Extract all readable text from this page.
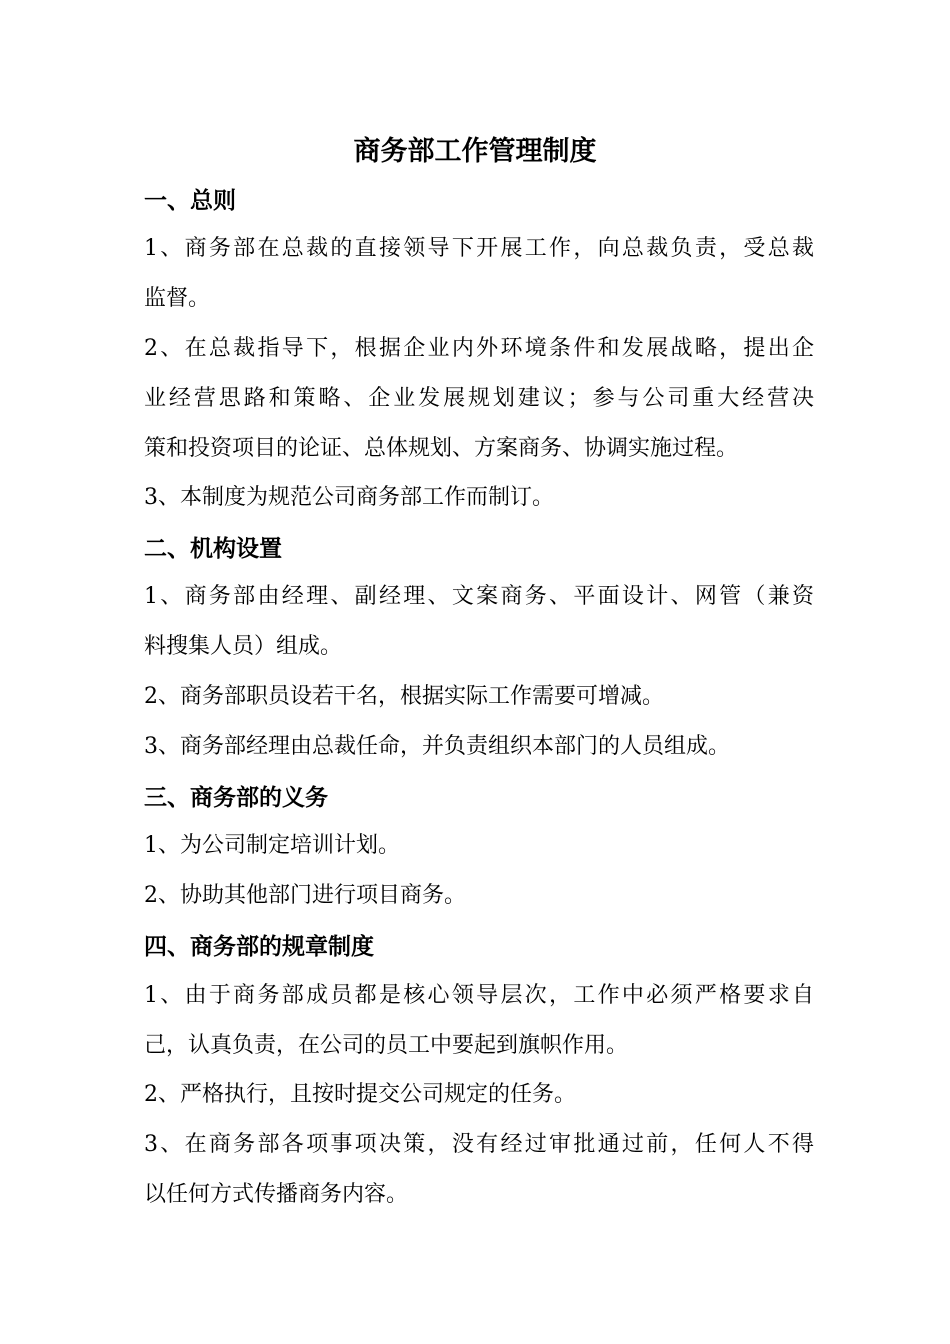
商务部工作管理制度
一、总则
1、商务部在总裁的直接领导下开展工作，向总裁负责，受总裁
监督。
2、在总裁指导下，根据企业内外环境条件和发展战略，提出企
业经营思路和策略、企业发展规划建议；参与公司重大经营决
策和投资项目的论证、总体规划、方案商务、协调实施过程。
3、本制度为规范公司商务部工作而制订。
二、机构设置
1、商务部由经理、副经理、文案商务、平面设计、网管（兼资
料搜集人员）组成。
2、商务部职员设若干名，根据实际工作需要可增减。
3、商务部经理由总裁任命，并负责组织本部门的人员组成。
三、商务部的义务
1、为公司制定培训计划。
2、协助其他部门进行项目商务。
四、商务部的规章制度
1、由于商务部成员都是核心领导层次，工作中必须严格要求自
己，认真负责，在公司的员工中要起到旗帜作用。
2、严格执行，且按时提交公司规定的任务。
3、在商务部各项事项决策，没有经过审批通过前，任何人不得
以任何方式传播商务内容。
